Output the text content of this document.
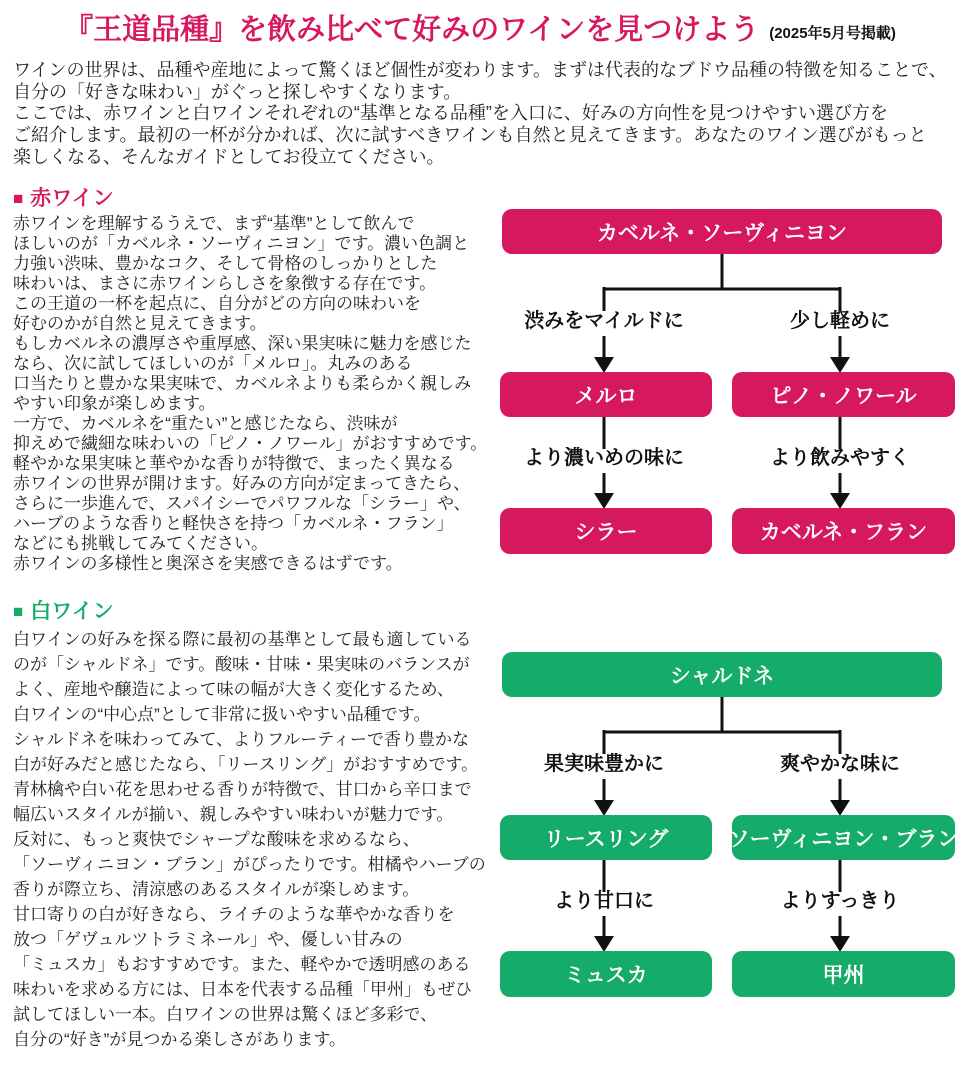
『王道品種』を飲み比べて好みのワインを見つけよう (2025年5月号掲載)
ワインの世界は、品種や産地によって驚くほど個性が変わります。まずは代表的なブドウ品種の特徴を知ることで、
自分の「好きな味わい」がぐっと探しやすくなります。
ここでは、赤ワインと白ワインそれぞれの“基準となる品種”を入口に、好みの方向性を見つけやすい選び方を
ご紹介します。最初の一杯が分かれば、次に試すべきワインも自然と見えてきます。あなたのワイン選びがもっと
楽しくなる、そんなガイドとしてお役立てください。
■ 赤ワイン
赤ワインを理解するうえで、まず“基準”として飲んで
ほしいのが「カベルネ・ソーヴィニヨン」です。濃い色調と
力強い渋味、豊かなコク、そして骨格のしっかりとした
味わいは、まさに赤ワインらしさを象徴する存在です。
この王道の一杯を起点に、自分がどの方向の味わいを
好むのかが自然と見えてきます。
もしカベルネの濃厚さや重厚感、深い果実味に魅力を感じた
なら、次に試してほしいのが「メルロ」。丸みのある
口当たりと豊かな果実味で、カベルネよりも柔らかく親しみ
やすい印象が楽しめます。
一方で、カベルネを“重たい”と感じたなら、渋味が
抑えめで繊細な味わいの「ピノ・ノワール」がおすすめです。
軽やかな果実味と華やかな香りが特徴で、まったく異なる
赤ワインの世界が開けます。好みの方向が定まってきたら、
さらに一歩進んで、スパイシーでパワフルな「シラー」や、
ハーブのような香りと軽快さを持つ「カベルネ・フラン」
などにも挑戦してみてください。
赤ワインの多様性と奥深さを実感できるはずです。
カベルネ・ソーヴィニヨン
渋みをマイルドに	少し軽めに
メルロ	ピノ・ノワール
より濃いめの味に	より飲みやすく
シラー	カベルネ・フラン
■ 白ワイン
白ワインの好みを探る際に最初の基準として最も適している
のが「シャルドネ」です。酸味・甘味・果実味のバランスが
よく、産地や醸造によって味の幅が大きく変化するため、
白ワインの“中心点”として非常に扱いやすい品種です。
シャルドネを味わってみて、よりフルーティーで香り豊かな
白が好みだと感じたなら、「リースリング」がおすすめです。
青林檎や白い花を思わせる香りが特徴で、甘口から辛口まで
幅広いスタイルが揃い、親しみやすい味わいが魅力です。
反対に、もっと爽快でシャープな酸味を求めるなら、
「ソーヴィニヨン・ブラン」がぴったりです。柑橘やハーブの
香りが際立ち、清涼感のあるスタイルが楽しめます。
甘口寄りの白が好きなら、ライチのような華やかな香りを
放つ「ゲヴュルツトラミネール」や、優しい甘みの
「ミュスカ」もおすすめです。また、軽やかで透明感のある
味わいを求める方には、日本を代表する品種「甲州」もぜひ
試してほしい一本。白ワインの世界は驚くほど多彩で、
自分の“好き”が見つかる楽しさがあります。
シャルドネ
果実味豊かに	爽やかな味に
リースリング	ソーヴィニヨン・ブラン
より甘口に	よりすっきり
ミュスカ	甲州
